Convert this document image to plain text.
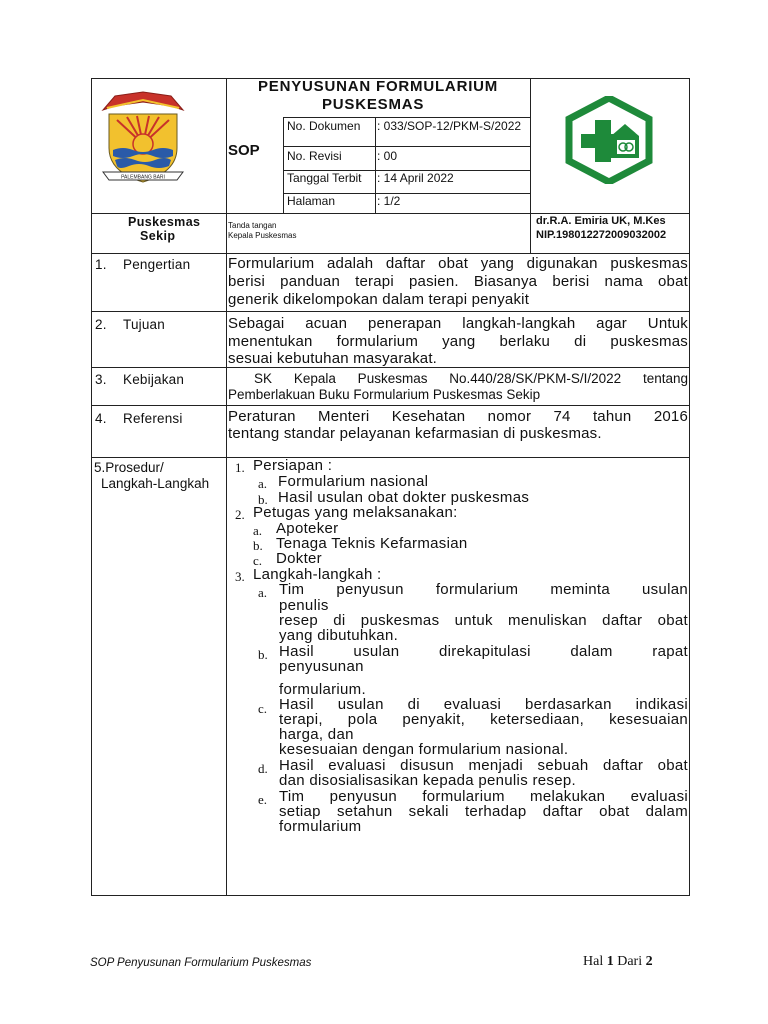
PALEMBANG BARI
PENYUSUNAN FORMULARIUM
PUSKESMAS
SOP
No. Dokumen : 033/SOP-12/PKM-S/2022
No. Revisi	: 00
Tanggal Terbit : 14 April 2022
Halaman	: 1/2
Puskesmas
Sekip
Tanda tangan
Kepala Puskesmas
dr.R.A. Emiria UK, M.Kes
NIP.198012272009032002
1. Pengertian	Formularium adalah daftar obat yang digunakan puskesmas
berisi panduan terapi pasien. Biasanya berisi nama obat
generik dikelompokan dalam terapi penyakit
2. Tujuan	Sebagai acuan penerapan langkah-langkah agar Untuk
menentukan formularium yang berlaku di puskesmas
sesuai kebutuhan masyarakat.
3. Kebijakan	SK Kepala Puskesmas No.440/28/SK/PKM-S/I/2022 tentang
Pemberlakuan Buku Formularium Puskesmas Sekip
4. Referensi	Peraturan Menteri Kesehatan nomor 74 tahun 2016
tentang standar pelayanan kefarmasian di puskesmas.
5.Prosedur/
Langkah-Langkah
1. Persiapan :
a. Formularium nasional
b. Hasil usulan obat dokter puskesmas
2. Petugas yang melaksanakan:
a. Apoteker
b. Tenaga Teknis Kefarmasian
c. Dokter
3. Langkah-langkah :
a. Tim penyusun formularium meminta usulan
penulis
resep di puskesmas untuk menuliskan daftar obat
yang dibutuhkan.
b. Hasil usulan direkapitulasi dalam rapat
penyusunan
formularium.
c. Hasil usulan di evaluasi berdasarkan indikasi
terapi, pola penyakit, ketersediaan, kesesuaian
harga, dan
kesesuaian dengan formularium nasional.
d. Hasil evaluasi disusun menjadi sebuah daftar obat
dan disosialisasikan kepada penulis resep.
e. Tim penyusun formularium melakukan evaluasi
setiap setahun sekali terhadap daftar obat dalam
formularium
SOP Penyusunan Formularium Puskesmas	Hal 1 Dari 2
